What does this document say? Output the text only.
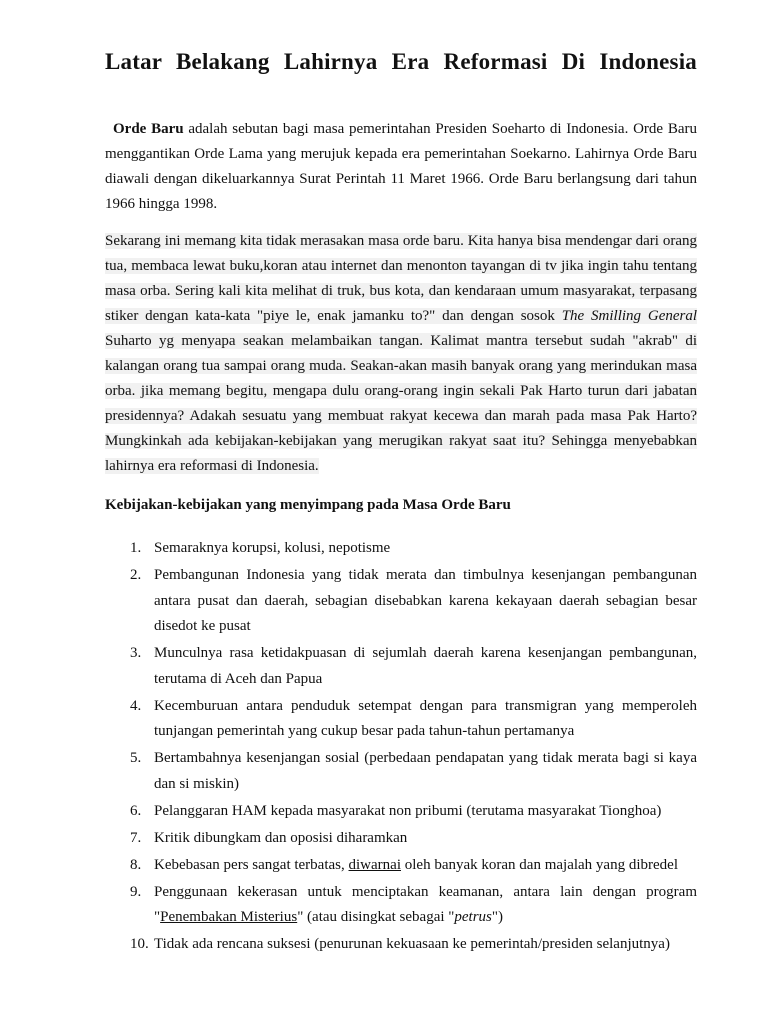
Latar Belakang Lahirnya Era Reformasi Di Indonesia

Orde Baru adalah sebutan bagi masa pemerintahan Presiden Soeharto di Indonesia. Orde Baru menggantikan Orde Lama yang merujuk kepada era pemerintahan Soekarno. Lahirnya Orde Baru diawali dengan dikeluarkannya Surat Perintah 11 Maret 1966. Orde Baru berlangsung dari tahun 1966 hingga 1998.

Sekarang ini memang kita tidak merasakan masa orde baru. Kita hanya bisa mendengar dari orang tua, membaca lewat buku,koran atau internet dan menonton tayangan di tv jika ingin tahu tentang masa orba. Sering kali kita melihat di truk, bus kota, dan kendaraan umum masyarakat, terpasang stiker dengan kata-kata "piye le, enak jamanku to?" dan dengan sosok The Smilling General Suharto yg menyapa seakan melambaikan tangan. Kalimat mantra tersebut sudah "akrab" di kalangan orang tua sampai orang muda. Seakan-akan masih banyak orang yang merindukan masa orba. jika memang begitu, mengapa dulu orang-orang ingin sekali Pak Harto turun dari jabatan presidennya? Adakah sesuatu yang membuat rakyat kecewa dan marah pada masa Pak Harto? Mungkinkah ada kebijakan-kebijakan yang merugikan rakyat saat itu? Sehingga menyebabkan lahirnya era reformasi di Indonesia.

Kebijakan-kebijakan yang menyimpang pada Masa Orde Baru

1. Semaraknya korupsi, kolusi, nepotisme
2. Pembangunan Indonesia yang tidak merata dan timbulnya kesenjangan pembangunan antara pusat dan daerah, sebagian disebabkan karena kekayaan daerah sebagian besar disedot ke pusat
3. Munculnya rasa ketidakpuasan di sejumlah daerah karena kesenjangan pembangunan, terutama di Aceh dan Papua
4. Kecemburuan antara penduduk setempat dengan para transmigran yang memperoleh tunjangan pemerintah yang cukup besar pada tahun-tahun pertamanya
5. Bertambahnya kesenjangan sosial (perbedaan pendapatan yang tidak merata bagi si kaya dan si miskin)
6. Pelanggaran HAM kepada masyarakat non pribumi (terutama masyarakat Tionghoa)
7. Kritik dibungkam dan oposisi diharamkan
8. Kebebasan pers sangat terbatas, diwarnai oleh banyak koran dan majalah yang dibredel
9. Penggunaan kekerasan untuk menciptakan keamanan, antara lain dengan program "Penembakan Misterius" (atau disingkat sebagai "petrus")
10. Tidak ada rencana suksesi (penurunan kekuasaan ke pemerintah/presiden selanjutnya)
